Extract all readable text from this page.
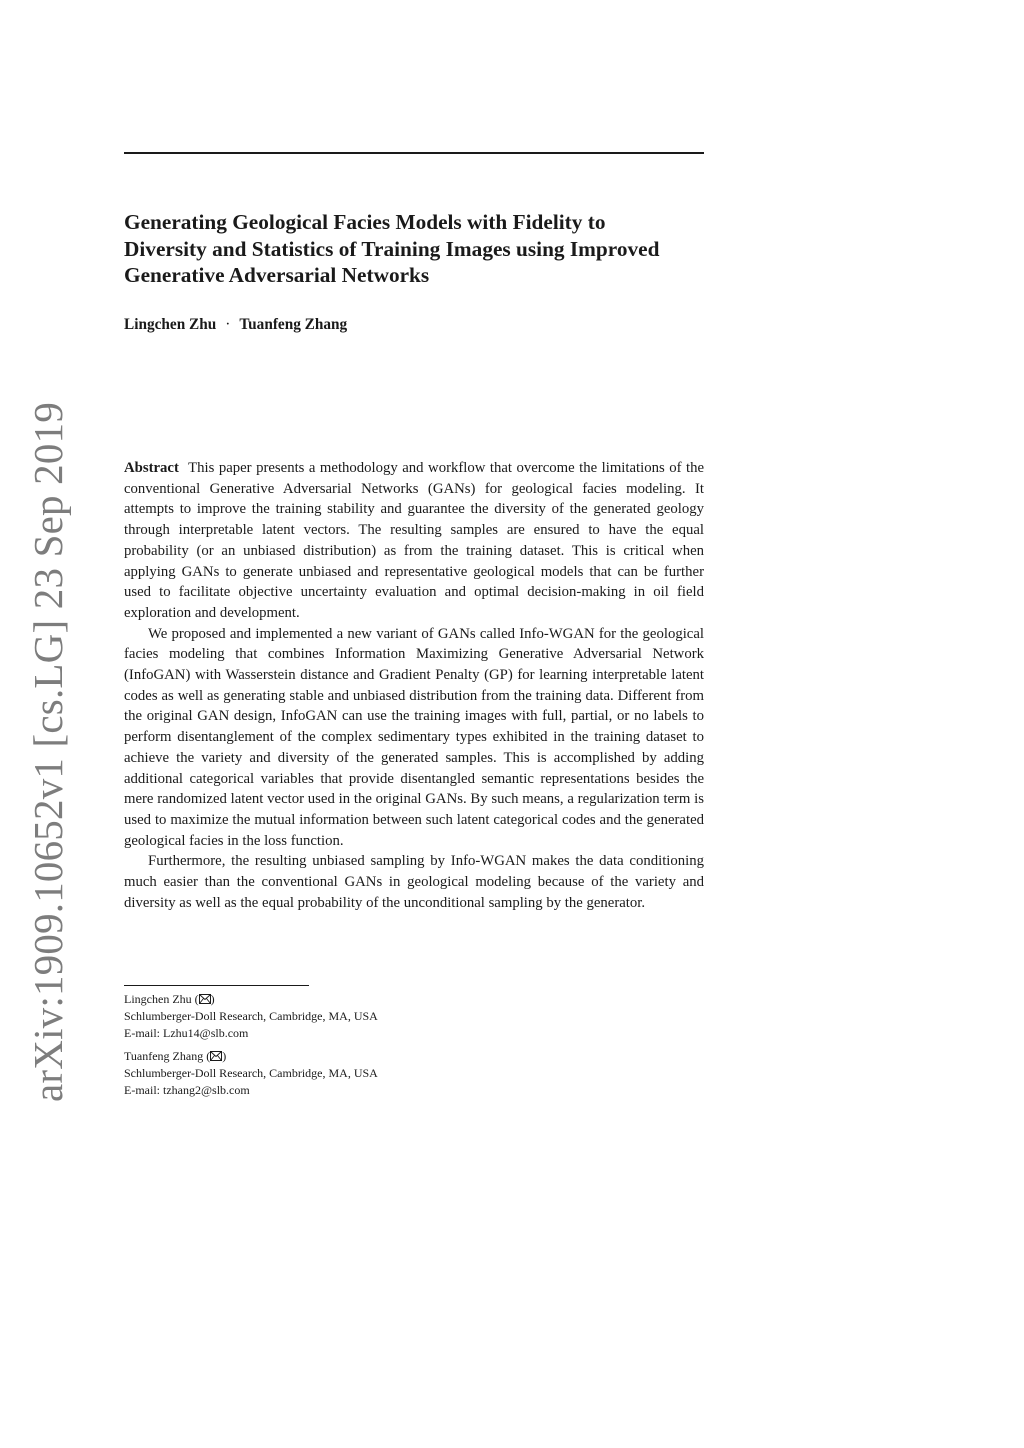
arXiv:1909.10652v1 [cs.LG] 23 Sep 2019
Generating Geological Facies Models with Fidelity to
Diversity and Statistics of Training Images using Improved
Generative Adversarial Networks
Lingchen Zhu · Tuanfeng Zhang

Abstract This paper presents a methodology and workflow that overcome the limitations of the conventional Generative Adversarial Networks (GANs) for geological facies modeling. It attempts to improve the training stability and guarantee the diversity of the generated geology through interpretable latent vectors. The resulting samples are ensured to have the equal probability (or an unbiased distribution) as from the training dataset. This is critical when applying GANs to generate unbiased and representative geological models that can be further used to facilitate objective uncertainty evaluation and optimal decision-making in oil field exploration and development.

We proposed and implemented a new variant of GANs called Info-WGAN for the geological facies modeling that combines Information Maximizing Generative Adversarial Network (InfoGAN) with Wasserstein distance and Gradient Penalty (GP) for learning interpretable latent codes as well as generating stable and unbiased distribution from the training data. Different from the original GAN design, InfoGAN can use the training images with full, partial, or no labels to perform disentanglement of the complex sedimentary types exhibited in the training dataset to achieve the variety and diversity of the generated samples. This is accomplished by adding additional categorical variables that provide disentangled semantic representations besides the mere randomized latent vector used in the original GANs. By such means, a regularization term is used to maximize the mutual information between such latent categorical codes and the generated geological facies in the loss function.

Furthermore, the resulting unbiased sampling by Info-WGAN makes the data conditioning much easier than the conventional GANs in geological modeling because of the variety and diversity as well as the equal probability of the unconditional sampling by the generator.

Lingchen Zhu ( )
Schlumberger-Doll Research, Cambridge, MA, USA
E-mail: Lzhu14@slb.com
Tuanfeng Zhang ( )
Schlumberger-Doll Research, Cambridge, MA, USA
E-mail: tzhang2@slb.com
